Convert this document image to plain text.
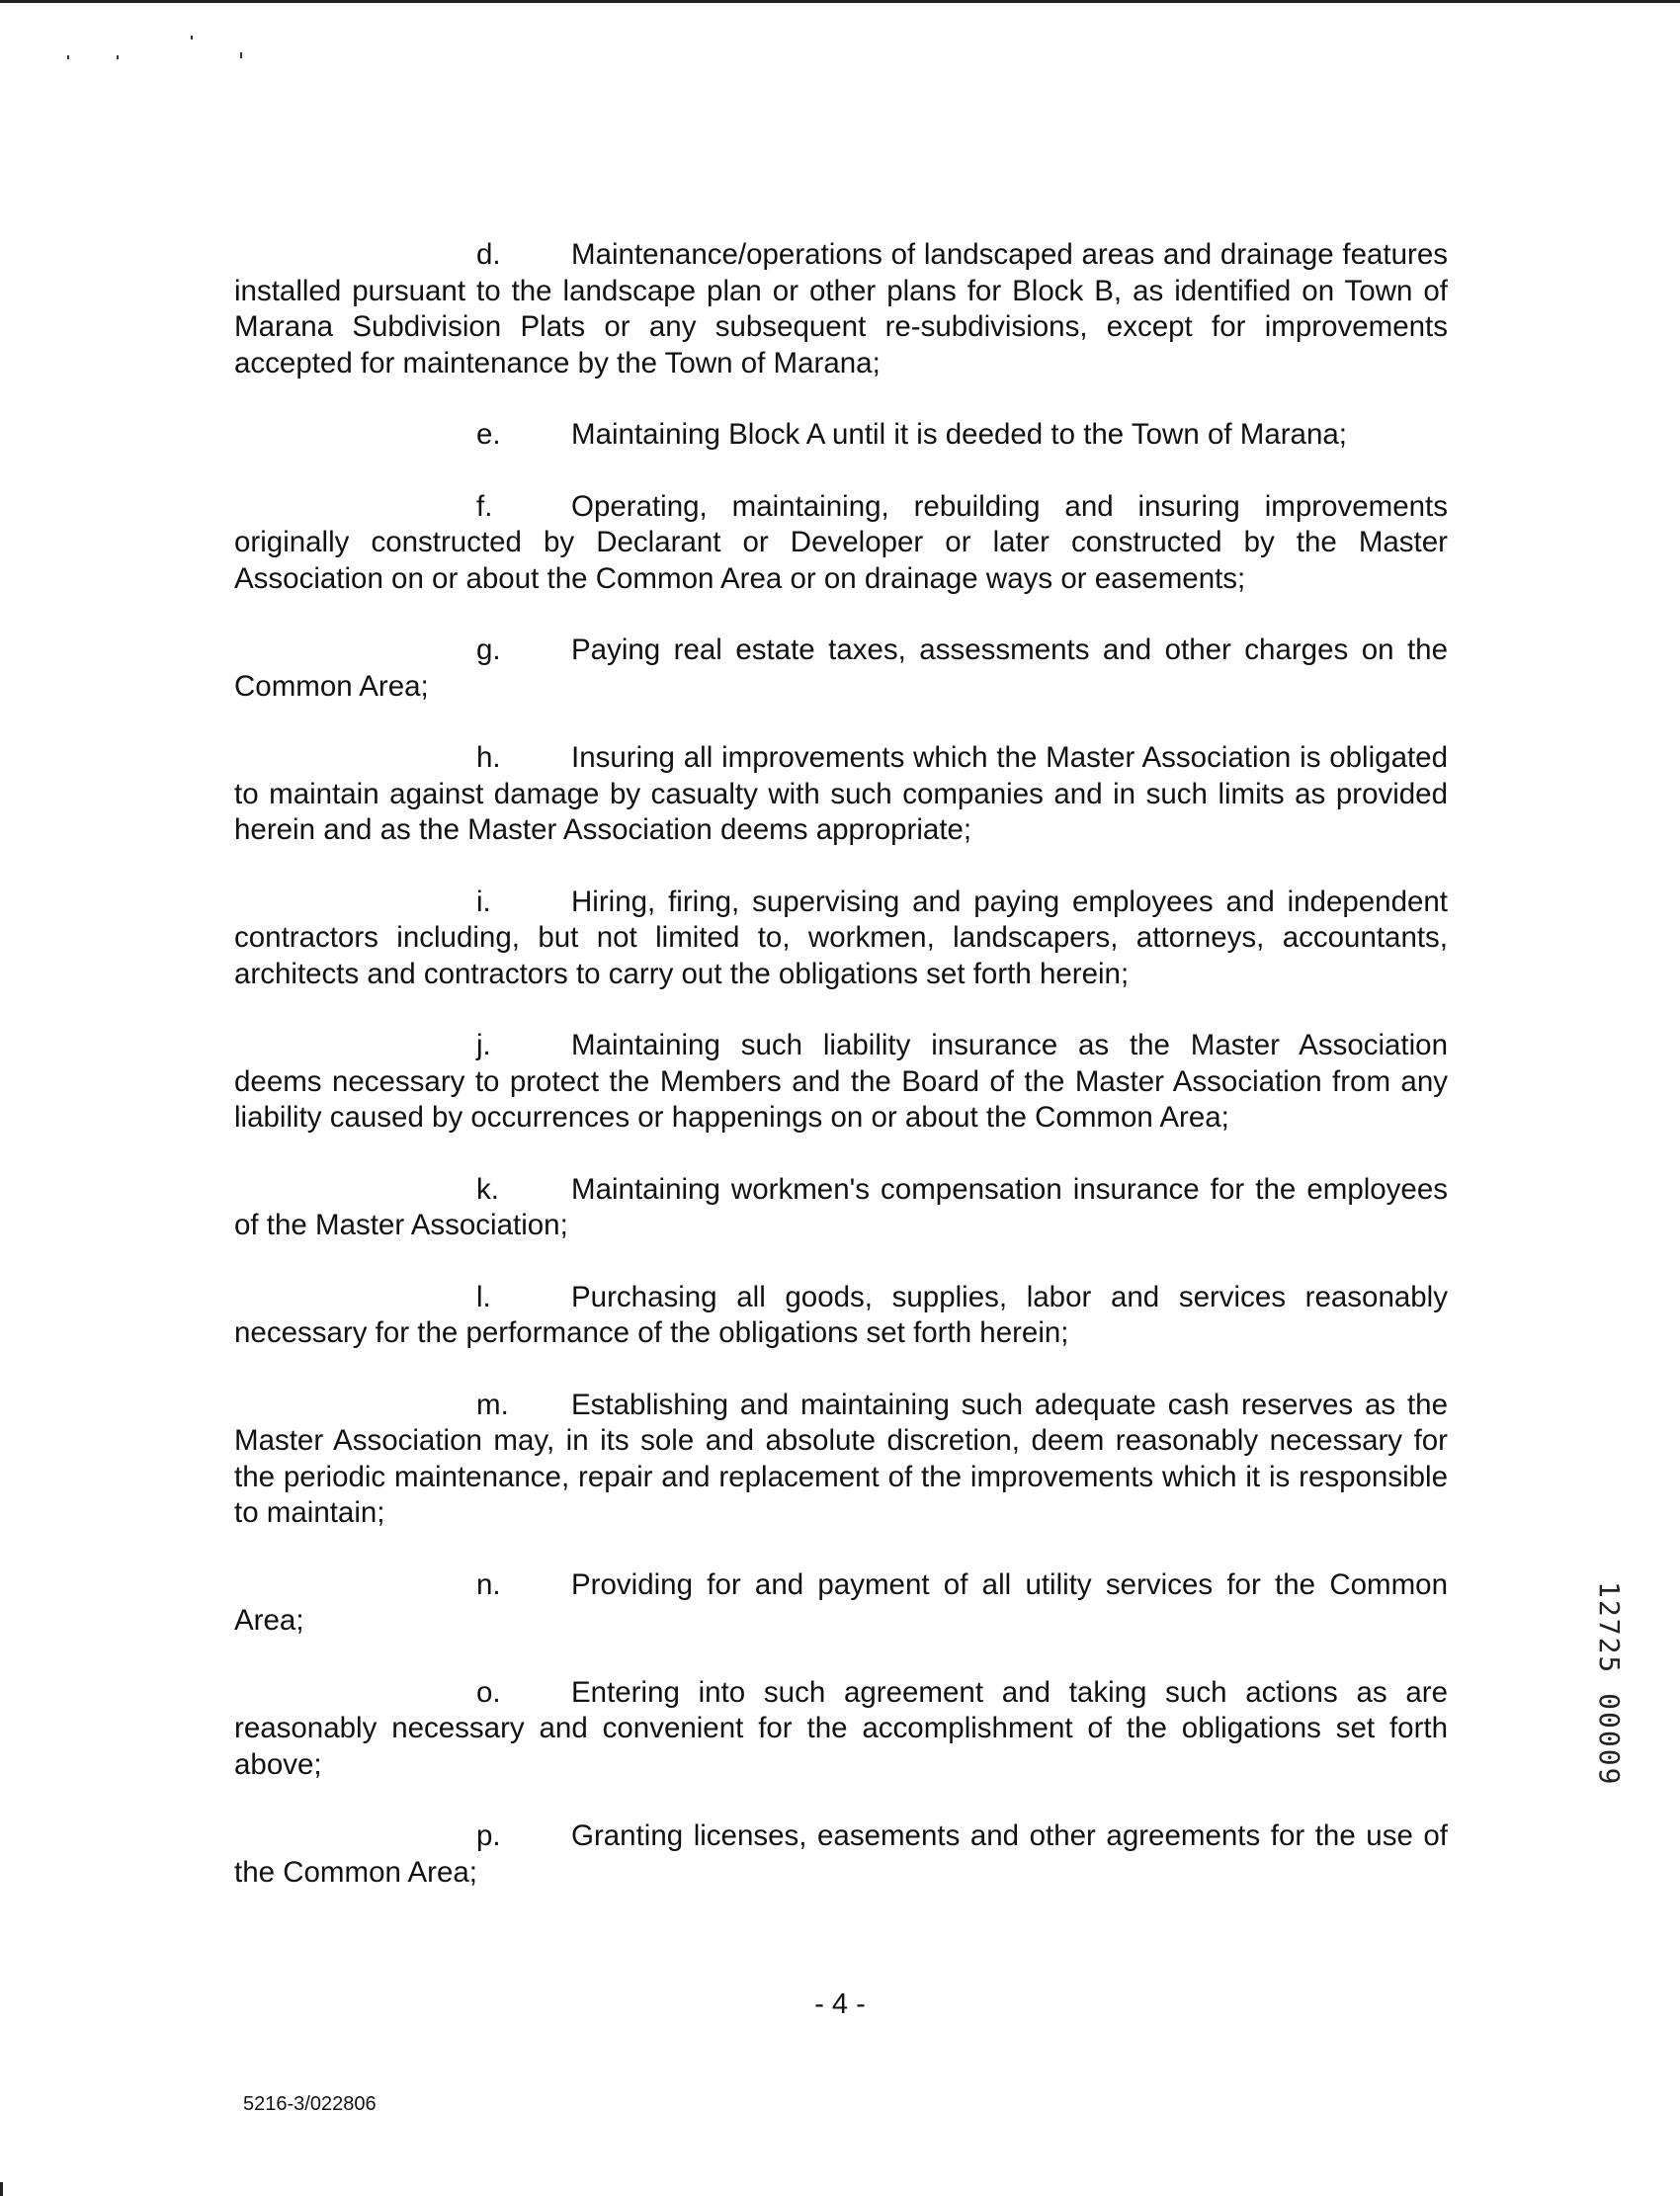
d. Maintenance/operations of landscaped areas and drainage features installed pursuant to the landscape plan or other plans for Block B, as identified on Town of Marana Subdivision Plats or any subsequent re-subdivisions, except for improvements accepted for maintenance by the Town of Marana;

e. Maintaining Block A until it is deeded to the Town of Marana;

f.	Operating, maintaining, rebuilding and insuring improvements originally constructed by Declarant or Developer or later constructed by the Master Association on or about the Common Area or on drainage ways or easements;

g. Paying real estate taxes, assessments and other charges on the Common Area;

h. Insuring all improvements which the Master Association is obligated to maintain against damage by casualty with such companies and in such limits as provided herein and as the Master Association deems appropriate;

i.	Hiring, firing, supervising and paying employees and independent contractors including, but not limited to, workmen, landscapers, attorneys, accountants, architects and contractors to carry out the obligations set forth herein;

j.	Maintaining such liability insurance as the Master Association deems necessary to protect the Members and the Board of the Master Association from any liability caused by occurrences or happenings on or about the Common Area;

k. Maintaining workmen's compensation insurance for the employees of the Master Association;

l.	Purchasing all goods, supplies, labor and services reasonably necessary for the performance of the obligations set forth herein;

m. Establishing and maintaining such adequate cash reserves as the Master Association may, in its sole and absolute discretion, deem reasonably necessary for the periodic maintenance, repair and replacement of the improvements which it is responsible to maintain;

n. Providing for and payment of all utility services for the Common Area;

o. Entering into such agreement and taking such actions as are reasonably necessary and convenient for the accomplishment of the obligations set forth above;

p. Granting licenses, easements and other agreements for the use of the Common Area;

- 4 -
5216-3/022806
12725 00009
